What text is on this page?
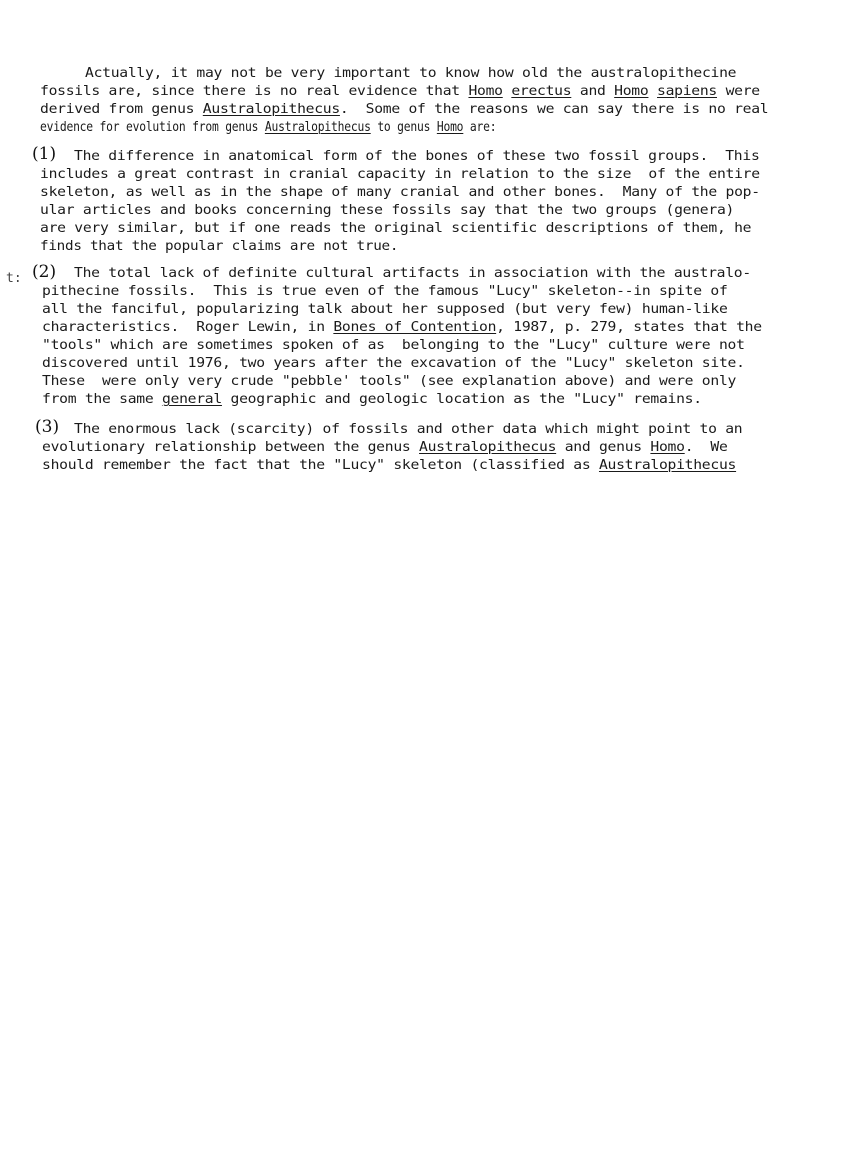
Actually, it may not be very important to know how old the australopithecine
fossils are, since there is no real evidence that Homo erectus and Homo sapiens were
derived from genus Australopithecus.  Some of the reasons we can say there is no real
evidence for evolution from genus Australopithecus to genus Homo are:
(1) The difference in anatomical form of the bones of these two fossil groups.  This
includes a great contrast in cranial capacity in relation to the size  of the entire
skeleton, as well as in the shape of many cranial and other bones.  Many of the pop-
ular articles and books concerning these fossils say that the two groups (genera)
are very similar, but if one reads the original scientific descriptions of them, he
finds that the popular claims are not true.
(2) The total lack of definite cultural artifacts in association with the australo-
pithecine fossils.  This is true even of the famous "Lucy" skeleton--in spite of
all the fanciful, popularizing talk about her supposed (but very few) human-like
characteristics.  Roger Lewin, in Bones of Contention, 1987, p. 279, states that the
"tools" which are sometimes spoken of as  belonging to the "Lucy" culture were not
discovered until 1976, two years after the excavation of the "Lucy" skeleton site.
These  were only very crude "pebble' tools" (see explanation above) and were only
from the same general geographic and geologic location as the "Lucy" remains.
(3) The enormous lack (scarcity) of fossils and other data which might point to an
evolutionary relationship between the genus Australopithecus and genus Homo.  We
should remember the fact that the "Lucy" skeleton (classified as Australopithecus
t:
